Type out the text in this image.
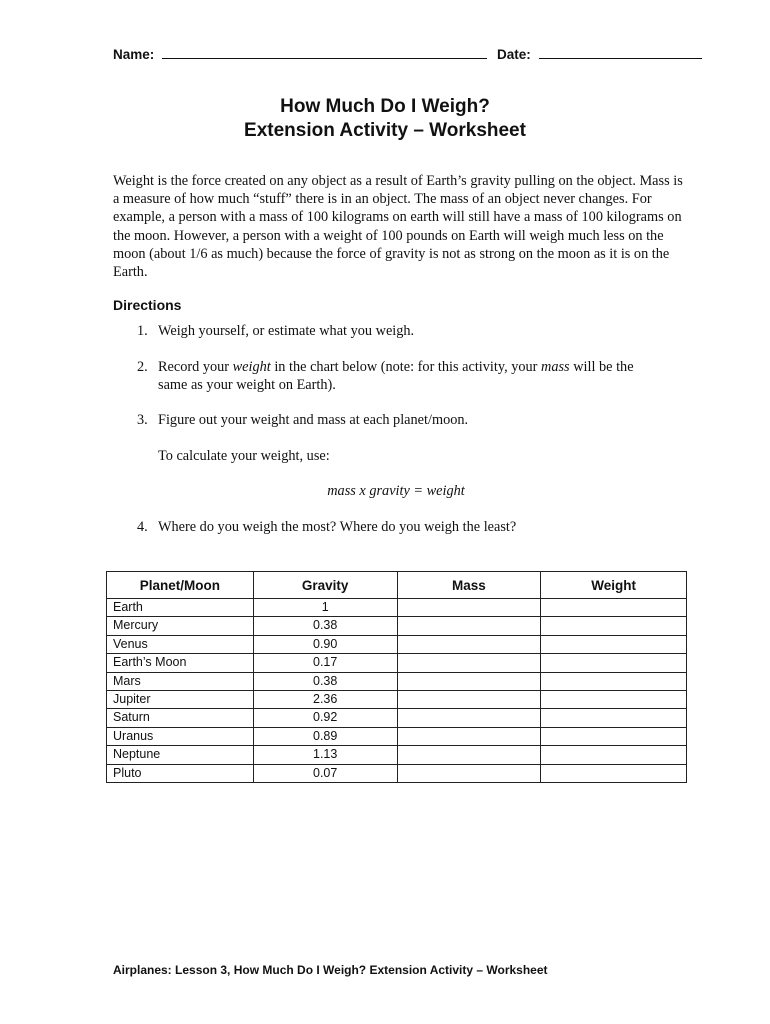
Name:	Date:
How Much Do I Weigh?
Extension Activity – Worksheet

Weight is the force created on any object as a result of Earth’s gravity pulling on the object. Mass is a measure of how much “stuff” there is in an object. The mass of an object never changes. For example, a person with a mass of 100 kilograms on earth will still have a mass of 100 kilograms on the moon. However, a person with a weight of 100 pounds on Earth will weigh much less on the moon (about 1/6 as much) because the force of gravity is not as strong on the moon as it is on the Earth.

Directions
1. Weigh yourself, or estimate what you weigh.
2. Record your weight in the chart below (note: for this activity, your mass will be the
same as your weight on Earth).
3. Figure out your weight and mass at each planet/moon.
To calculate your weight, use:
mass x gravity = weight
4. Where do you weigh the most? Where do you weigh the least?
Planet/Moon	Gravity	Mass	Weight
Earth	1		
Mercury	0.38		
Venus	0.90		
Earth’s Moon	0.17		
Mars	0.38		
Jupiter	2.36		
Saturn	0.92		
Uranus	0.89		
Neptune	1.13		
Pluto	0.07		
Airplanes: Lesson 3, How Much Do I Weigh? Extension Activity – Worksheet
